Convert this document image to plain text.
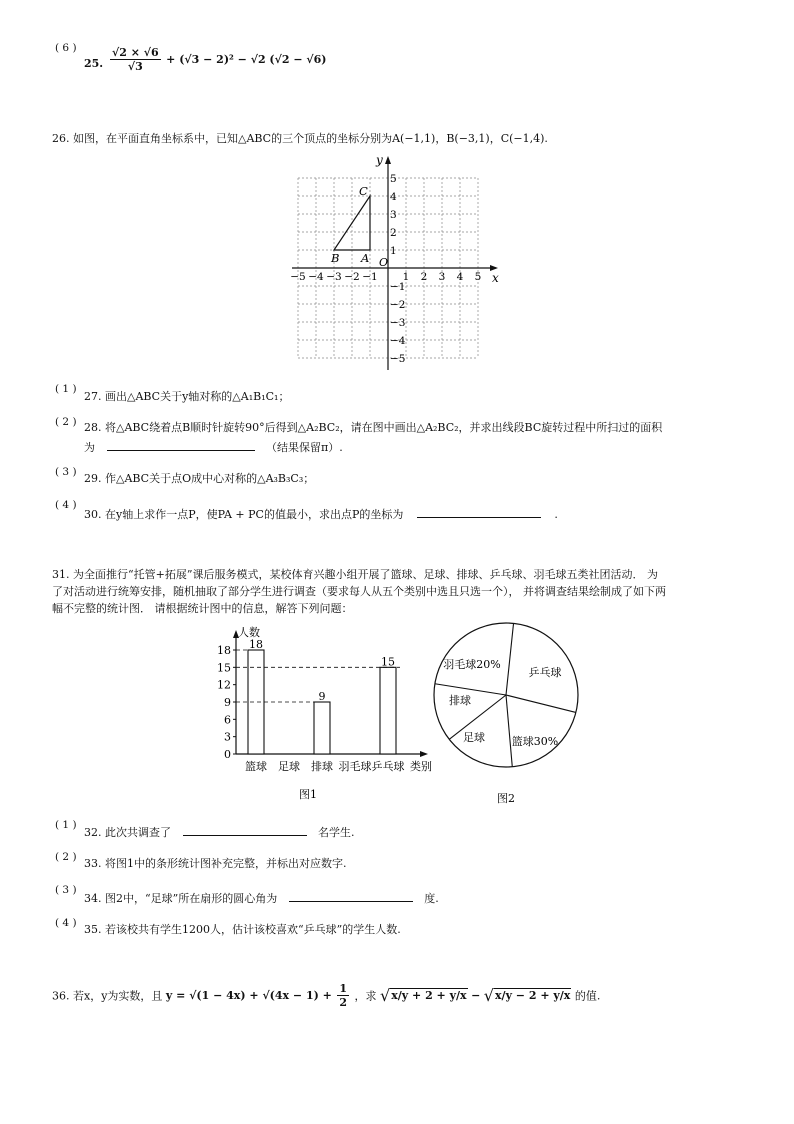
( 6 )
25. $\frac{√2 \times √6}{√3} + (√3 - 2)^2 - √2$ (√2 − √6)
26. 如图，在平面直角坐标系中，已知△ABC的三个顶点的坐标分别为A(−1,1)，B(−3,1)，C(−1,4).
x
y
O
−5 −4 −3 −2 −1 1 2 3 4 5
5
4
3
2
1
−1
−2
−3
−4
−5
A
B
C
( 1 )
27. 画出△ABC关于y轴对称的△A₁B₁C₁；
( 2 ) 28. 将△ABC绕着点B顺时针旋转90°后得到△A₂BC₂，请在图中画出△A₂BC₂，并求出线段BC旋转过程中所扫过的面积
为	（结果保留π）.
( 3 ) 29. 作△ABC关于点O成中心对称的△A₃B₃C₃；
( 4 )
30. 在y轴上求作一点P，使PA + PC的值最小，求出点P的坐标为	.
31. 为全面推行“托管+拓展”课后服务模式，某校体育兴趣小组开展了篮球、足球、排球、乒乓球、羽毛球五类社团活动． 为
了对活动进行统筹安排，随机抽取了部分学生进行调查（要求每人从五个类别中选且只选一个）， 并将调查结果绘制成了如下两
幅不完整的统计图． 请根据统计图中的信息，解答下列问题：
人数
类别
0
3
6
9
12
15
18
篮球
18
足球 排球
9
羽毛球 乒乓球
15
图1
乒乓球
篮球30%
足球
排球
羽毛球20%
图2
( 1 )
32. 此次共调查了	名学生.
( 2 ) 33. 将图1中的条形统计图补充完整，并标出对应数字.
( 3 )
34. 图2中，“足球”所在扇形的圆心角为	度.
( 4 ) 35. 若该校共有学生1200人，估计该校喜欢“乒乓球”的学生人数.
36. 若x，y为实数，且 $y = √(1 - 4x) + √(4x - 1) + \frac{1}{2}$ ，求 √x/y + 2 + y/x − √x/y − 2 + y/x 的值.
